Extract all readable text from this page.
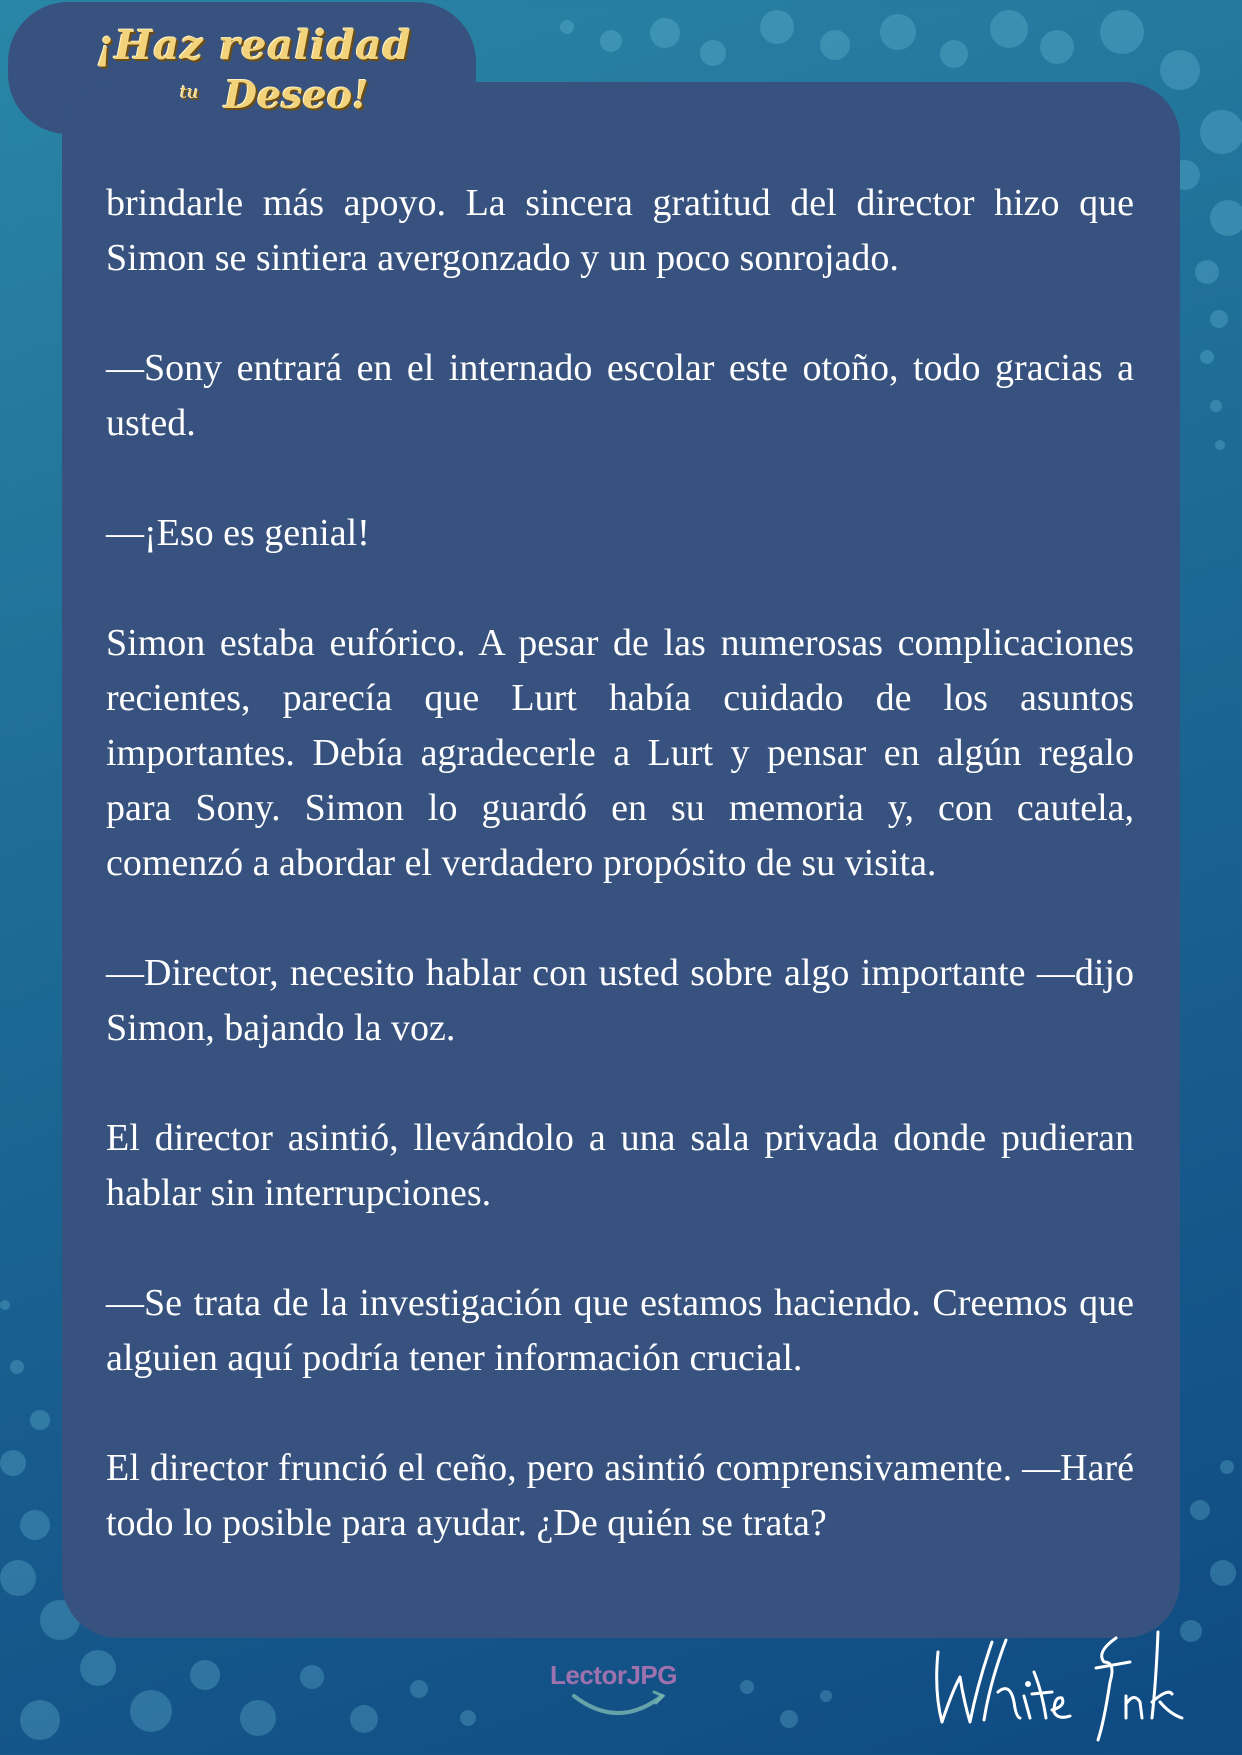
¡Haz realidad
tu Deseo!

brindarle más apoyo. La sincera gratitud del director hizo que Simon se sintiera avergonzado y un poco sonrojado.

—Sony entrará en el internado escolar este otoño, todo gracias a usted.

—¡Eso es genial!

Simon estaba eufórico. A pesar de las numerosas complicaciones recientes, parecía que Lurt había cuidado de los asuntos importantes. Debía agradecerle a Lurt y pensar en algún regalo para Sony. Simon lo guardó en su memoria y, con cautela, comenzó a abordar el verdadero propósito de su visita.

—Director, necesito hablar con usted sobre algo importante —dijo Simon, bajando la voz.

El director asintió, llevándolo a una sala privada donde pudieran hablar sin interrupciones.

—Se trata de la investigación que estamos haciendo. Creemos que alguien aquí podría tener información crucial.

El director frunció el ceño, pero asintió comprensivamente. —Haré todo lo posible para ayudar. ¿De quién se trata?

LectorJPG
